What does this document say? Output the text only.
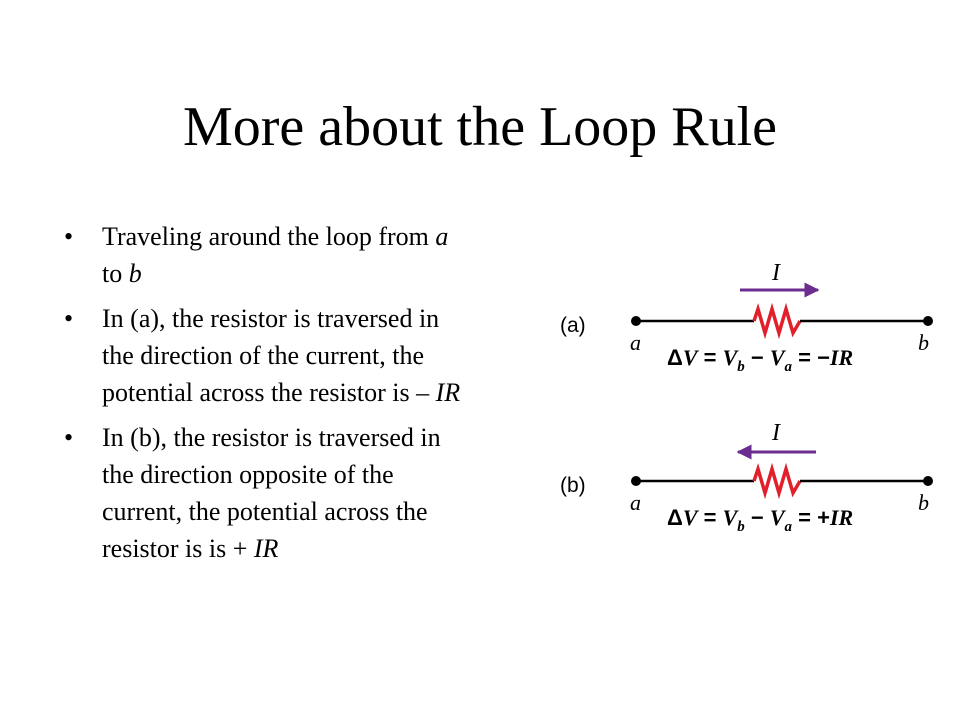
More about the Loop Rule
• Traveling around the loop from a
to b
• In (a), the resistor is traversed in
the direction of the current, the
potential across the resistor is – IR
• In (b), the resistor is traversed in
the direction opposite of the
current, the potential across the
resistor is is + IR
(a)
I
a	b
$\Delta V = V_b - V_a = -IR$
(b)
I
a	b
$\Delta V = V_b - V_a = +IR$
